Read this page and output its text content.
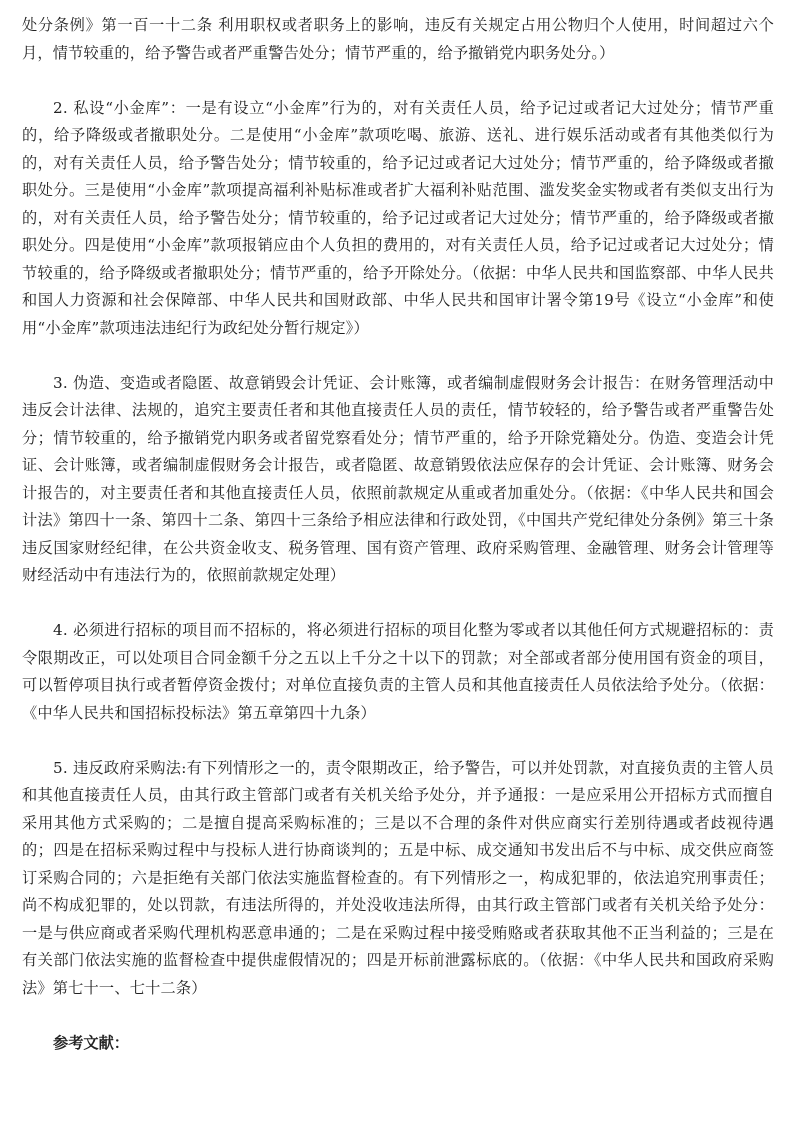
处分条例》第一百一十二条 利用职权或者职务上的影响，违反有关规定占用公物归个人使用，时间超过六个月，情节较重的，给予警告或者严重警告处分；情节严重的，给予撤销党内职务处分。）

2. 私设“小金库”：一是有设立“小金库”行为的，对有关责任人员，给予记过或者记大过处分；情节严重的，给予降级或者撤职处分。二是使用“小金库”款项吃喝、旅游、送礼、进行娱乐活动或者有其他类似行为的，对有关责任人员，给予警告处分；情节较重的，给予记过或者记大过处分；情节严重的，给予降级或者撤职处分。三是使用“小金库”款项提高福利补贴标准或者扩大福利补贴范围、滥发奖金实物或者有类似支出行为的，对有关责任人员，给予警告处分；情节较重的，给予记过或者记大过处分；情节严重的，给予降级或者撤职处分。四是使用“小金库”款项报销应由个人负担的费用的，对有关责任人员，给予记过或者记大过处分；情节较重的，给予降级或者撤职处分；情节严重的，给予开除处分。（依据：中华人民共和国监察部、中华人民共和国人力资源和社会保障部、中华人民共和国财政部、中华人民共和国审计署令第19号《设立“小金库”和使用“小金库”款项违法违纪行为政纪处分暂行规定》）

3. 伪造、变造或者隐匿、故意销毁会计凭证、会计账簿，或者编制虚假财务会计报告：在财务管理活动中违反会计法律、法规的，追究主要责任者和其他直接责任人员的责任，情节较轻的，给予警告或者严重警告处分；情节较重的，给予撤销党内职务或者留党察看处分；情节严重的，给予开除党籍处分。伪造、变造会计凭证、会计账簿，或者编制虚假财务会计报告，或者隐匿、故意销毁依法应保存的会计凭证、会计账簿、财务会计报告的，对主要责任者和其他直接责任人员，依照前款规定从重或者加重处分。（依据：《中华人民共和国会计法》第四十一条、第四十二条、第四十三条给予相应法律和行政处罚，《中国共产党纪律处分条例》第三十条 违反国家财经纪律，在公共资金收支、税务管理、国有资产管理、政府采购管理、金融管理、财务会计管理等财经活动中有违法行为的，依照前款规定处理）

4. 必须进行招标的项目而不招标的，将必须进行招标的项目化整为零或者以其他任何方式规避招标的：责令限期改正，可以处项目合同金额千分之五以上千分之十以下的罚款；对全部或者部分使用国有资金的项目，可以暂停项目执行或者暂停资金拨付；对单位直接负责的主管人员和其他直接责任人员依法给予处分。（依据：《中华人民共和国招标投标法》第五章第四十九条）

5. 违反政府采购法:有下列情形之一的，责令限期改正，给予警告，可以并处罚款，对直接负责的主管人员和其他直接责任人员，由其行政主管部门或者有关机关给予处分，并予通报：一是应采用公开招标方式而擅自采用其他方式采购的；二是擅自提高采购标准的；三是以不合理的条件对供应商实行差别待遇或者歧视待遇的；四是在招标采购过程中与投标人进行协商谈判的；五是中标、成交通知书发出后不与中标、成交供应商签订采购合同的；六是拒绝有关部门依法实施监督检查的。有下列情形之一，构成犯罪的，依法追究刑事责任；尚不构成犯罪的，处以罚款，有违法所得的，并处没收违法所得，由其行政主管部门或者有关机关给予处分：一是与供应商或者采购代理机构恶意串通的；二是在采购过程中接受贿赂或者获取其他不正当利益的；三是在有关部门依法实施的监督检查中提供虚假情况的；四是开标前泄露标底的。（依据：《中华人民共和国政府采购法》第七十一、七十二条）

参考文献：
